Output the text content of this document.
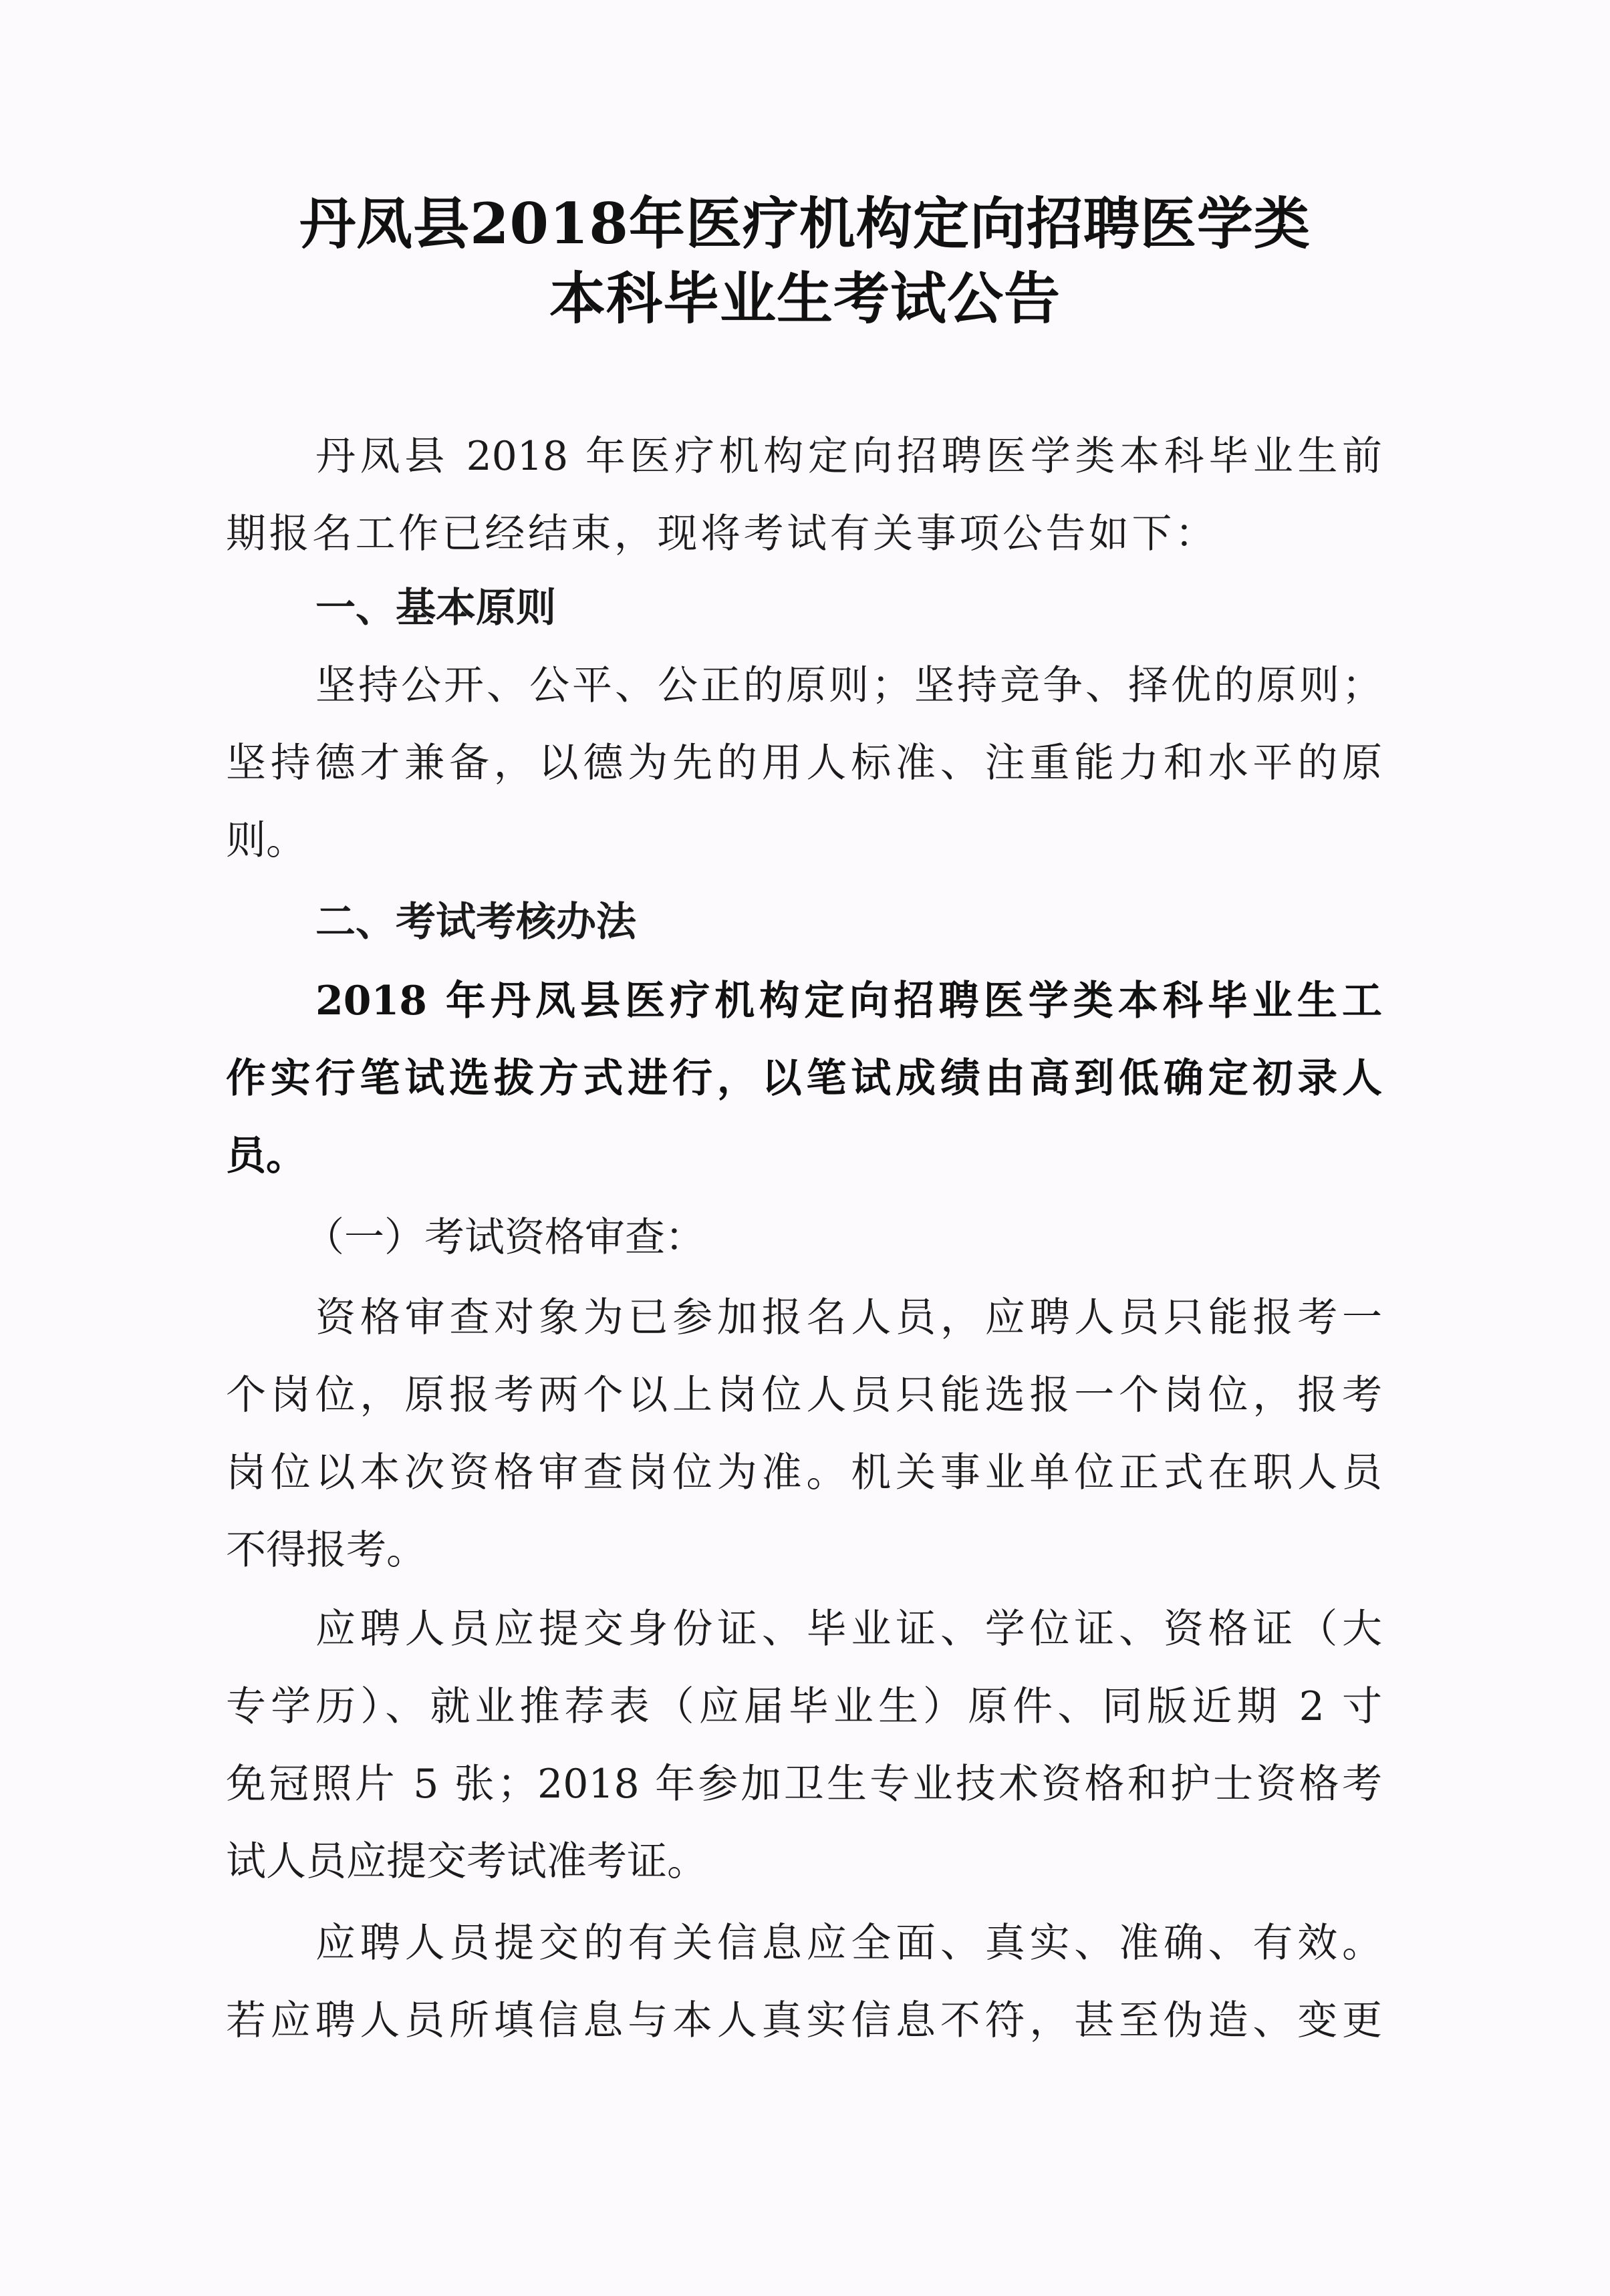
丹凤县2018年医疗机构定向招聘医学类
本科毕业生考试公告
丹凤县 2018 年医疗机构定向招聘医学类本科毕业生前
期报名工作已经结束，现将考试有关事项公告如下：
一、基本原则
坚持公开、公平、公正的原则；坚持竞争、择优的原则；
坚持德才兼备，以德为先的用人标准、注重能力和水平的原
则。
二、考试考核办法
2018 年丹凤县医疗机构定向招聘医学类本科毕业生工
作实行笔试选拔方式进行，以笔试成绩由高到低确定初录人
员。
（一）考试资格审查：
资格审查对象为已参加报名人员，应聘人员只能报考一
个岗位，原报考两个以上岗位人员只能选报一个岗位，报考
岗位以本次资格审查岗位为准。机关事业单位正式在职人员
不得报考。
应聘人员应提交身份证、毕业证、学位证、资格证（大
专学历）、就业推荐表（应届毕业生）原件、同版近期 2 寸
免冠照片 5 张；2018 年参加卫生专业技术资格和护士资格考
试人员应提交考试准考证。
应聘人员提交的有关信息应全面、真实、准确、有效。
若应聘人员所填信息与本人真实信息不符，甚至伪造、变更
